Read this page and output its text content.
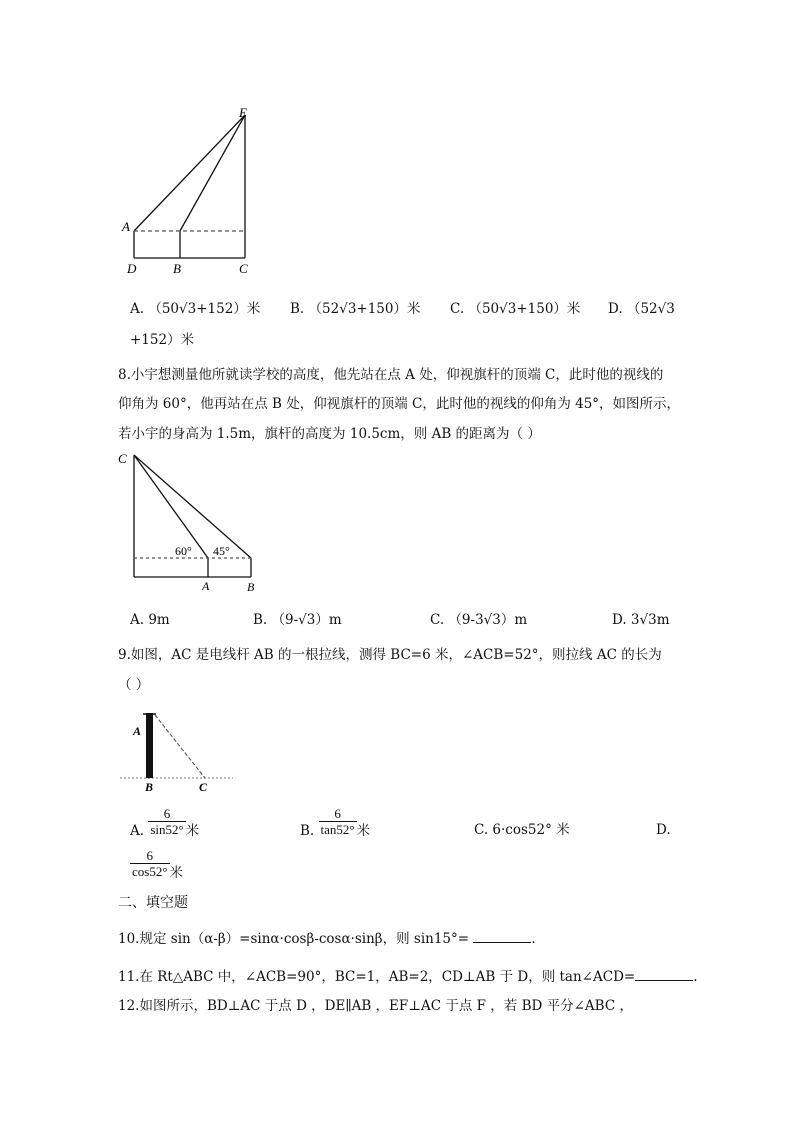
E
A
D	B	C
A. （50√3+152）米 B. （52√3+150）米 C. （50√3+150）米 D. （52√3
+152）米
8.小宇想测量他所就读学校的高度，他先站在点 A 处，仰视旗杆的顶端 C，此时他的视线的
仰角为 60°，他再站在点 B 处，仰视旗杆的顶端 C，此时他的视线的仰角为 45°，如图所示，
若小宇的身高为 1.5m，旗杆的高度为 10.5cm，则 AB 的距离为（ ）
C
60° 45°
A	B
A. 9m	B. （9-√3）m	C. （9-3√3）m	D. 3√3m
9.如图，AC 是电线杆 AB 的一根拉线，测得 BC=6 米，∠ACB=52°，则拉线 AC 的长为
（ ）
A
B	C
A. $\frac{6}{\sin 52^\circ}$ 米	B. $\frac{6}{\tan 52^\circ}$ 米	C. 6·cos52° 米	D.
$\frac{6}{\cos 52^\circ}$ 米
二、填空题
10.规定 sin（α-β）=sinα·cosβ-cosα·sinβ，则 sin15°=	.
11.在 Rt△ABC 中，∠ACB=90°，BC=1，AB=2，CD⊥AB 于 D，则 tan∠ACD=	.
12.如图所示，BD⊥AC 于点 D ，DE∥AB ，EF⊥AC 于点 F ，若 BD 平分∠ABC ，
